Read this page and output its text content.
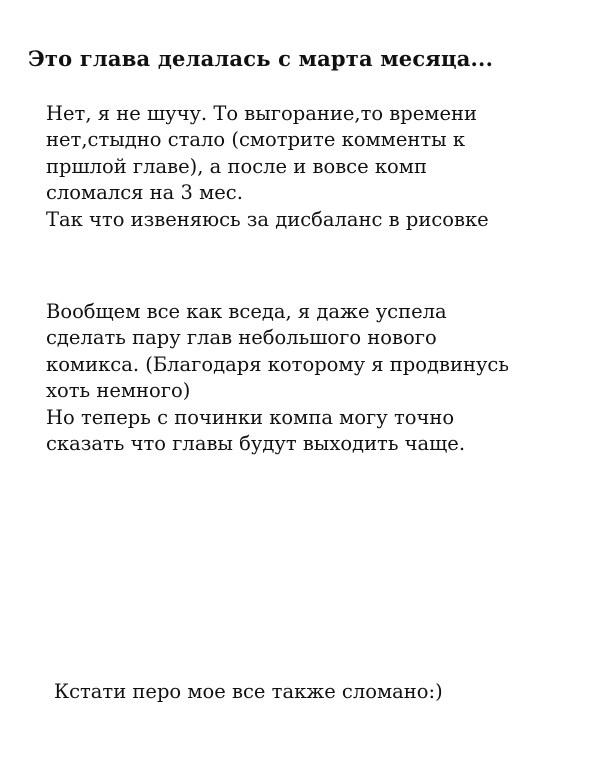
Это глава делалась с марта месяца...
Нет, я не шучу. То выгорание,то времени
нет,стыдно стало (смотрите комменты к
пршлой главе), а после и вовсе комп
сломался на 3 мес.
Так что извеняюсь за дисбаланс в рисовке
Вообщем все как вседа, я даже успела
сделать пару глав небольшого нового
комикса. (Благодаря которому я продвинусь
хоть немного)
Но теперь с починки компа могу точно
сказать что главы будут выходить чаще.
Кстати перо мое все также сломано:)
